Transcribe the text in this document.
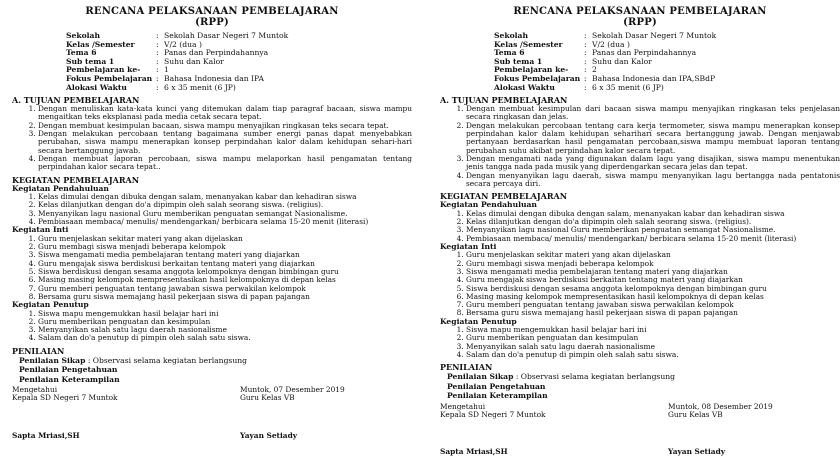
RENCANA PELAKSANAAN PEMBELAJARAN
(RPP)
Sekolah	: Sekolah Dasar Negeri 7 Muntok
Kelas /Semester	: V/2 (dua )
Tema 6	: Panas dan Perpindahannya
Sub tema 1	: Suhu dan Kalor
Pembelajaran ke-	: 1
Fokus Pembelajaran : Bahasa Indonesia dan IPA
Alokasi Waktu	: 6 x 35 menit (6 JP)
A. TUJUAN PEMBELAJARAN
1. Dengan menuliskan kata-kata kunci yang ditemukan dalam tiap paragraf bacaan, siswa mampu mengaitkan teks eksplanasi pada media cetak secara tepat.
2. Dengan membuat kesimpulan bacaan, siswa mampu menyajikan ringkasan teks secara tepat.
3. Dengan melakukan percobaan tentang bagaimana sumber energi panas dapat menyebabkan perubahan, siswa mampu menerapkan konsep perpindahan kalor dalam kehidupan sehari-hari secara bertanggung jawab.
4. Dengan membuat laporan percobaan, siswa mampu melaporkan hasil pengamatan tentang perpindahan kalor secara tepat..
KEGIATAN PEMBELAJARAN
Kegiatan Pendahuluan
1. Kelas dimulai dengan dibuka dengan salam, menanyakan kabar dan kehadiran siswa
2. Kelas dilanjutkan dengan do'a dipimpin oleh salah seorang siswa. (religius).
3. Menyanyikan lagu nasional Guru memberikan penguatan semangat Nasionalisme.
4. Pembiasaan membaca/ menulis/ mendengarkan/ berbicara selama 15-20 menit (literasi)
Kegiatan Inti
1. Guru menjelaskan sekitar materi yang akan dijelaskan
2. Guru membagi siswa menjadi beberapa kelompok
3. Siswa mengamati media pembelajaran tentang materi yang diajarkan
4. Guru mengajak siswa berdiskusi berkaitan tentang materi yang diajarkan
5. Siswa berdiskusi dengan sesama anggota kelompoknya dengan bimbingan guru
6. Masing masing kelompok mempresentasikan hasil kelompoknya di depan kelas
7. Guru memberi penguatan tentang jawaban siswa perwakilan kelompok
8. Bersama guru siswa memajang hasil pekerjaan siswa di papan pajangan
Kegiatan Penutup
1. Siswa mapu mengemukkan hasil belajar hari ini
2. Guru memberikan penguatan dan kesimpulan
3. Menyanyikan salah satu lagu daerah nasionalisme
4. Salam dan do'a penutup di pimpin oleh salah satu siswa.
PENILAIAN
Penilaian Sikap : Observasi selama kegiatan berlangsung
Penilaian Pengetahuan
Penilaian Keterampilan
Mengetahui
Kepala SD Negeri 7 Muntok
Muntok, 07 Desember 2019
Guru Kelas VB
Sapta Mriasi,SH	Yayan Setiady
RENCANA PELAKSANAAN PEMBELAJARAN
(RPP)
Sekolah	: Sekolah Dasar Negeri 7 Muntok
Kelas /Semester	: V/2 (dua )
Tema 6	: Panas dan Perpindahannya
Sub tema 1	: Suhu dan Kalor
Pembelajaran ke-	: 2
Fokus Pembelajaran : Bahasa Indonesia dan IPA,SBdP
Alokasi Waktu	: 6 x 35 menit (6 JP)
A. TUJUAN PEMBELAJARAN
1. Dengan membuat kesimpulan dari bacaan siswa mampu menyajikan ringkasan teks penjelasan secara ringkasan dan jelas.
2. Dengan melakukan percobaan tentang cara kerja termometer, siswa mampu menerapkan konsep perpindahan kalor dalam kehidupan sehariharí secara bertanggung jawab. Dengan menjawab pertanyaan berdasarkan hasil pengamatan percobaan,siswa mampu membuat laporan tentang perubahan suhu akibat perpindahan kalor secara tepat.
3. Dengan mengamati nada yang digunakan dalam lagu yang disajikan, siswa mampu menentukan jenis tangga nada pada musik yang diperdengarkan secara jelas dan tepat.
4. Dengan menyanyikan lagu daerah, siswa mampu menyanyikan lagu bertangga nada pentatonis secara percaya diri.
KEGIATAN PEMBELAJARAN
Kegiatan Pendahuluan
1. Kelas dimulai dengan dibuka dengan salam, menanyakan kabar dan kehadiran siswa
2. Kelas dilanjutkan dengan do'a dipimpin oleh salah seorang siswa. (religius).
3. Menyanyikan lagu nasional Guru memberikan penguatan semangat Nasionalisme.
4. Pembiasaan membaca/ menulis/ mendengarkan/ berbicara selama 15-20 menit (literasi)
Kegiatan Inti
1. Guru menjelaskan sekitar materi yang akan dijelaskan
2. Guru membagi siswa menjadi beberapa kelompok
3. Siswa mengamati media pembelajaran tentang materi yang diajarkan
4. Guru mengajak siswa berdiskusi berkaitan tentang materi yang diajarkan
5. Siswa berdiskusi dengan sesama anggota kelompoknya dengan bimbingan guru
6. Masing masing kelompok mempresentasikan hasil kelompoknya di depan kelas
7. Guru memberi penguatan tentang jawaban siswa perwakilan kelompok
8. Bersama guru siswa memajang hasil pekerjaan siswa di papan pajangan
Kegiatan Penutup
1. Siswa mapu mengemukkan hasil belajar hari ini
2. Guru memberikan penguatan dan kesimpulan
3. Menyanyikan salah satu lagu daerah nasionalisme
4. Salam dan do'a penutup di pimpin oleh salah satu siswa.
PENILAIAN
Penilaian Sikap : Observasi selama kegiatan berlangsung
Penilaian Pengetahuan
Penilaian Keterampilan
Mengetahui
Kepala SD Negeri 7 Muntok
Muntok, 08 Desember 2019
Guru Kelas VB
Sapta Mriasi,SH	Yayan Setiady
